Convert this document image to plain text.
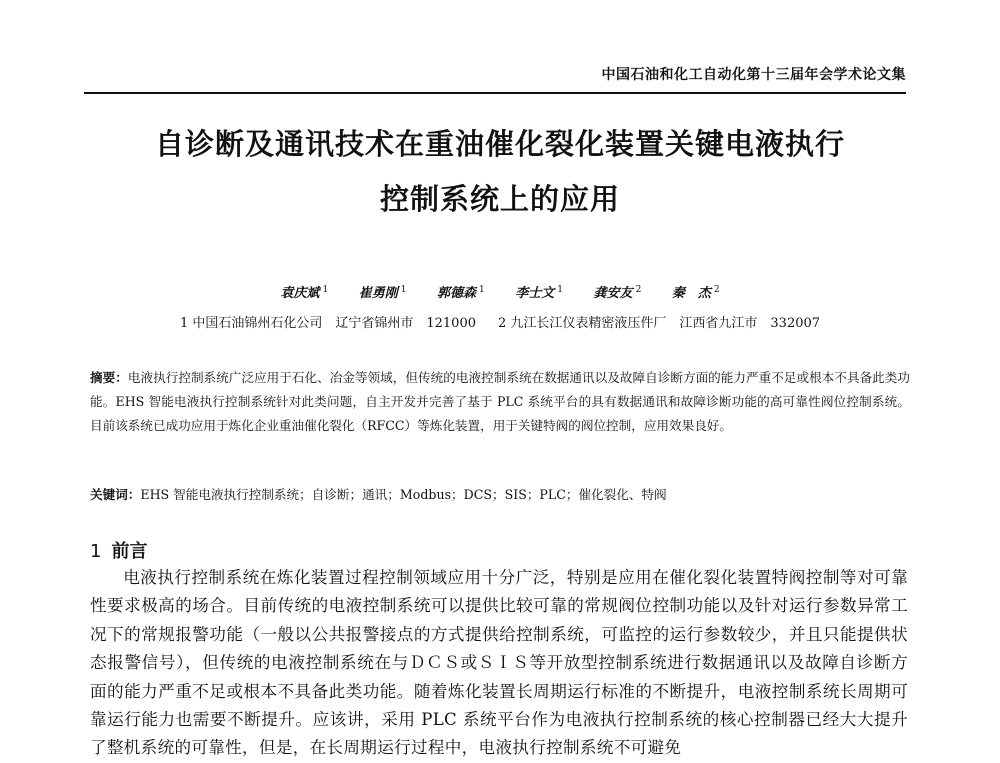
中国石油和化工自动化第十三届年会学术论文集
自诊断及通讯技术在重油催化裂化装置关键电液执行
控制系统上的应用
袁庆斌 $^1$ 崔勇刚 $^1$ 郭德森 $^1$ 李士文 $^1$ 龚安友 $^2$ 秦　杰 $^2$
1 中国石油锦州石化公司　辽宁省锦州市　121000 2 九江长江仪表精密液压件厂　江西省九江市　332007
摘要：电液执行控制系统广泛应用于石化、冶金等领域，但传统的电液控制系统在数据通讯以及故障自诊断方面的能力严重不足或根本不具备此类功能。EHS 智能电液执行控制系统针对此类问题，自主开发并完善了基于 PLC 系统平台的具有数据通讯和故障诊断功能的高可靠性阀位控制系统。目前该系统已成功应用于炼化企业重油催化裂化（RFCC）等炼化装置，用于关键特阀的阀位控制，应用效果良好。
关键词：EHS 智能电液执行控制系统；自诊断；通讯；Modbus；DCS；SIS；PLC；催化裂化、特阀
1 前言
电液执行控制系统在炼化装置过程控制领域应用十分广泛，特别是应用在催化裂化装置特阀控制等对可靠性要求极高的场合。目前传统的电液控制系统可以提供比较可靠的常规阀位控制功能以及针对运行参数异常工况下的常规报警功能（一般以公共报警接点的方式提供给控制系统，可监控的运行参数较少，并且只能提供状态报警信号），但传统的电液控制系统在与ＤＣＳ或ＳＩＳ等开放型控制系统进行数据通讯以及故障自诊断方面的能力严重不足或根本不具备此类功能。随着炼化装置长周期运行标准的不断提升，电液控制系统长周期可靠运行能力也需要不断提升。应该讲，采用 PLC 系统平台作为电液执行控制系统的核心控制器已经大大提升了整机系统的可靠性，但是，在长周期运行过程中，电液执行控制系统不可避免
